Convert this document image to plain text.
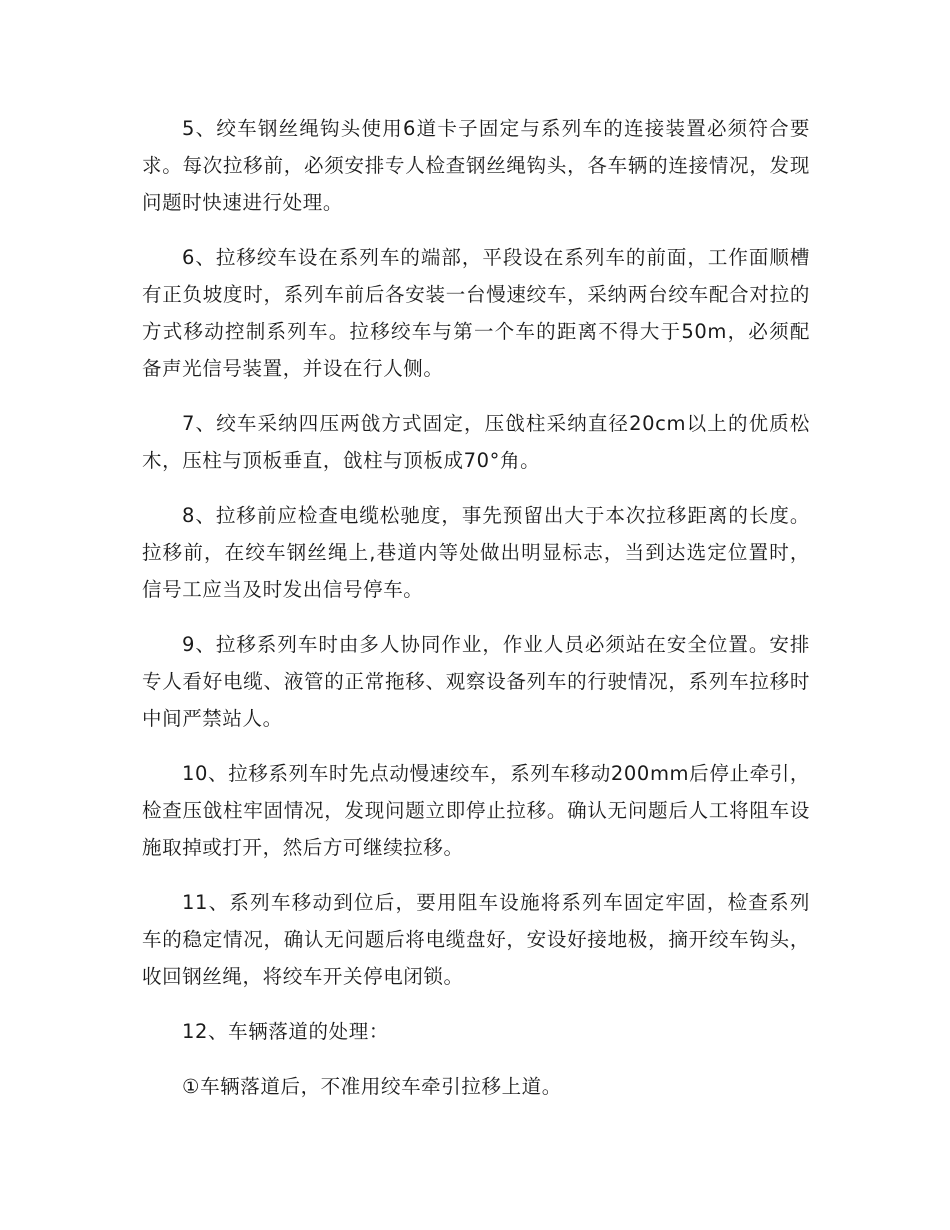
5、绞车钢丝绳钩头使用6道卡子固定与系列车的连接装置必须符合要求。每次拉移前，必须安排专人检查钢丝绳钩头，各车辆的连接情况，发现问题时快速进行处理。

6、拉移绞车设在系列车的端部，平段设在系列车的前面，工作面顺槽有正负坡度时，系列车前后各安装一台慢速绞车，采纳两台绞车配合对拉的方式移动控制系列车。拉移绞车与第一个车的距离不得大于50m，必须配备声光信号装置，并设在行人侧。

7、绞车采纳四压两戗方式固定，压戗柱采纳直径20cm以上的优质松木，压柱与顶板垂直，戗柱与顶板成70°角。

8、拉移前应检查电缆松驰度，事先预留出大于本次拉移距离的长度。拉移前，在绞车钢丝绳上,巷道内等处做出明显标志，当到达选定位置时，信号工应当及时发出信号停车。

9、拉移系列车时由多人协同作业，作业人员必须站在安全位置。安排专人看好电缆、液管的正常拖移、观察设备列车的行驶情况，系列车拉移时中间严禁站人。

10、拉移系列车时先点动慢速绞车，系列车移动200mm后停止牵引，检查压戗柱牢固情况，发现问题立即停止拉移。确认无问题后人工将阻车设施取掉或打开，然后方可继续拉移。

11、系列车移动到位后，要用阻车设施将系列车固定牢固，检查系列车的稳定情况，确认无问题后将电缆盘好，安设好接地极，摘开绞车钩头，收回钢丝绳，将绞车开关停电闭锁。

12、车辆落道的处理：

①车辆落道后，不准用绞车牵引拉移上道。
